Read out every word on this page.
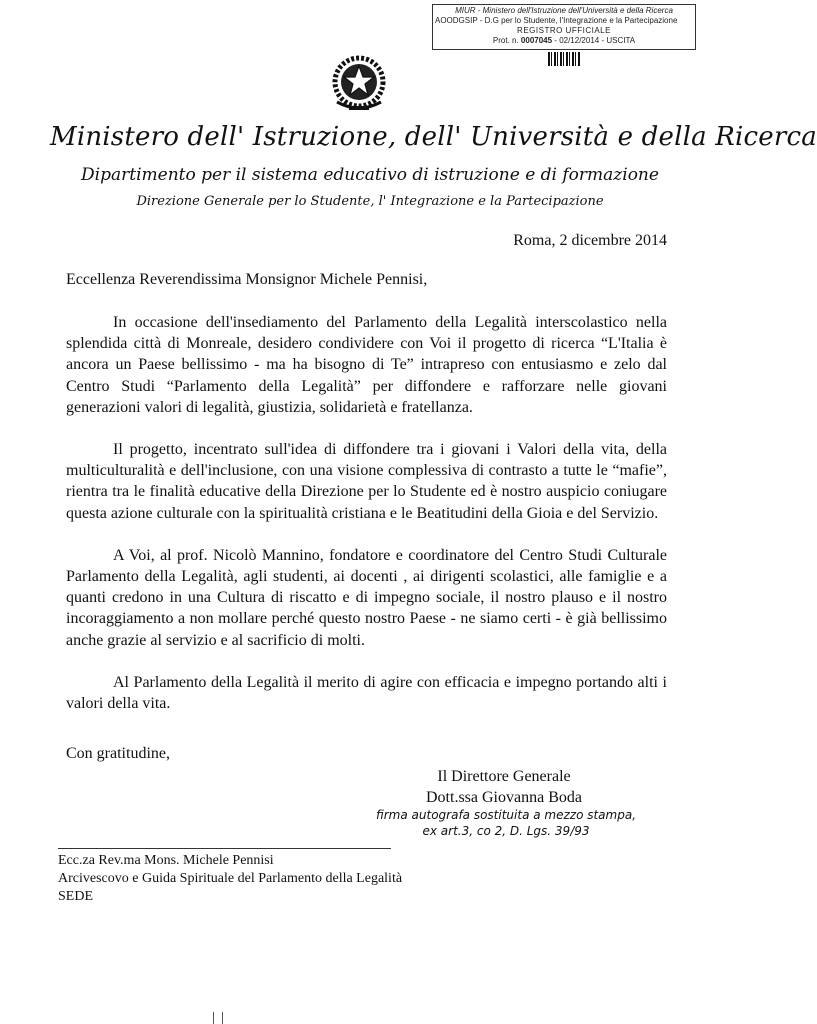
MIUR - Ministero dell'Istruzione dell'Università e della Ricerca
AOODGSIP - D.G per lo Studente, l'Integrazione e la Partecipazione
REGISTRO UFFICIALE
Prot. n. 0007045 - 02/12/2014 - USCITA
Ministero dell' Istruzione, dell' Università e della Ricerca
Dipartimento per il sistema educativo di istruzione e di formazione
Direzione Generale per lo Studente, l' Integrazione e la Partecipazione
Roma, 2 dicembre 2014
Eccellenza Reverendissima Monsignor Michele Pennisi,

In occasione dell'insediamento del Parlamento della Legalità interscolastico nella splendida città di Monreale, desidero condividere con Voi il progetto di ricerca “L'Italia è ancora un Paese bellissimo - ma ha bisogno di Te” intrapreso con entusiasmo e zelo dal Centro Studi “Parlamento della Legalità” per diffondere e rafforzare nelle giovani generazioni valori di legalità, giustizia, solidarietà e fratellanza.

Il progetto, incentrato sull'idea di diffondere tra i giovani i Valori della vita, della multiculturalità e dell'inclusione, con una visione complessiva di contrasto a tutte le “mafie”, rientra tra le finalità educative della Direzione per lo Studente ed è nostro auspicio coniugare questa azione culturale con la spiritualità cristiana e le Beatitudini della Gioia e del Servizio.

A Voi, al prof. Nicolò Mannino, fondatore e coordinatore del Centro Studi Culturale Parlamento della Legalità, agli studenti, ai docenti , ai dirigenti scolastici, alle famiglie e a quanti credono in una Cultura di riscatto e di impegno sociale, il nostro plauso e il nostro incoraggiamento a non mollare perché questo nostro Paese - ne siamo certi - è già bellissimo anche grazie al servizio e al sacrificio di molti.

Al Parlamento della Legalità il merito di agire con efficacia e impegno portando alti i valori della vita.

Con gratitudine,
Il Direttore Generale
Dott.ssa Giovanna Boda
firma autografa sostituita a mezzo stampa,
ex art.3, co 2, D. Lgs. 39/93
Ecc.za Rev.ma Mons. Michele Pennisi
Arcivescovo e Guida Spirituale del Parlamento della Legalità
SEDE
